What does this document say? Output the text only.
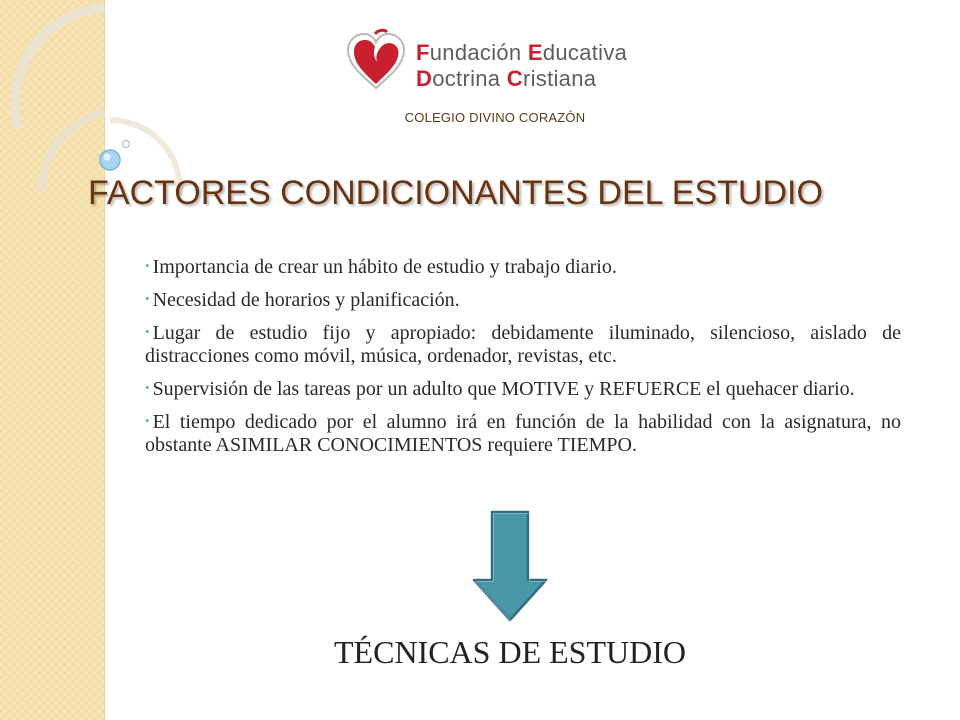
Fundación Educativa
Doctrina Cristiana
COLEGIO DIVINO CORAZÓN
FACTORES CONDICIONANTES DEL ESTUDIO
• Importancia de crear un hábito de estudio y trabajo diario.
• Necesidad de horarios y planificación.
• Lugar de estudio fijo y apropiado: debidamente iluminado, silencioso, aislado de distracciones como móvil, música, ordenador, revistas, etc.
• Supervisión de las tareas por un adulto que MOTIVE y REFUERCE el quehacer diario.
• El tiempo dedicado por el alumno irá en función de la habilidad con la asignatura, no obstante ASIMILAR CONOCIMIENTOS requiere TIEMPO.
TÉCNICAS DE ESTUDIO
